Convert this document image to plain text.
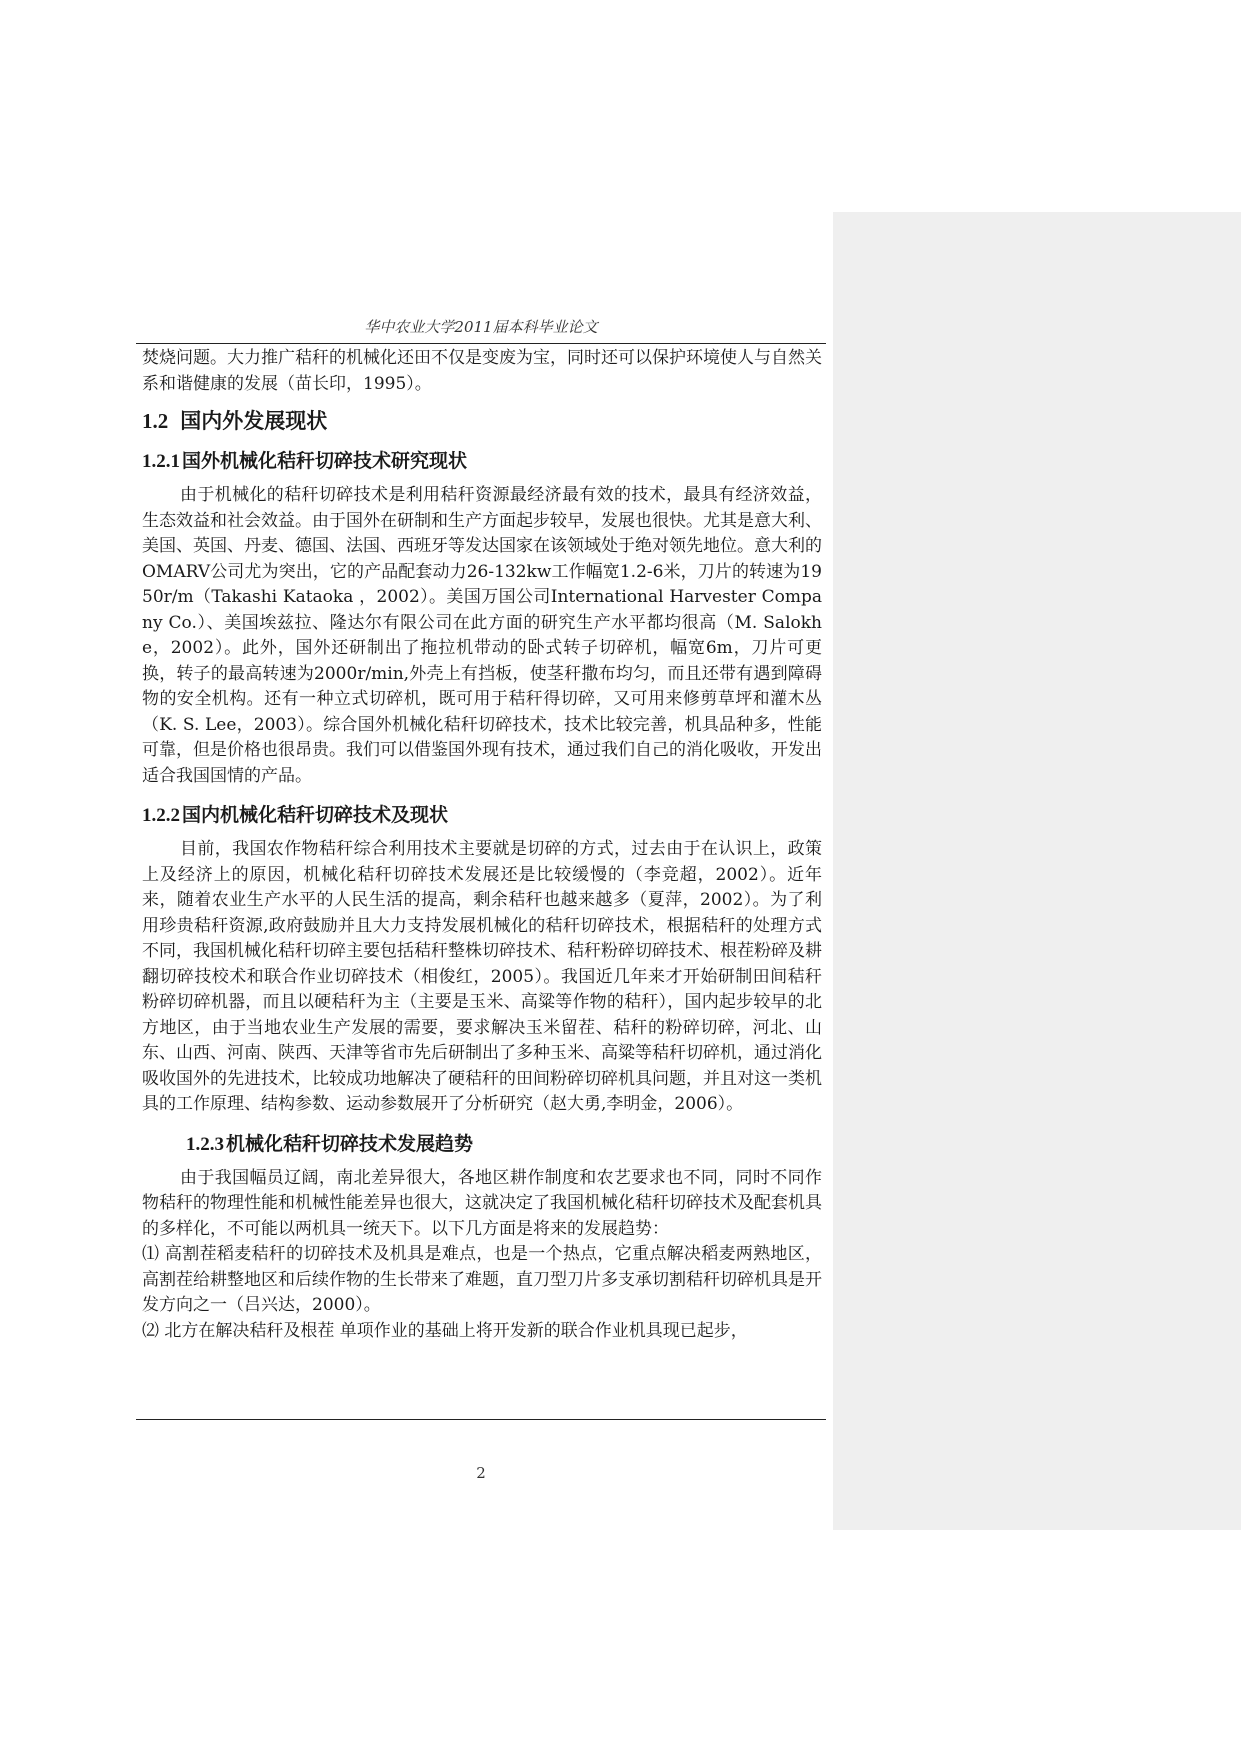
华中农业大学2011届本科毕业论文

焚烧问题。大力推广秸秆的机械化还田不仅是变废为宝，同时还可以保护环境使人与自然关系和谐健康的发展（苗长印，1995）。

1.2 国内外发展现状
1.2.1 国外机械化秸秆切碎技术研究现状

由于机械化的秸秆切碎技术是利用秸秆资源最经济最有效的技术，最具有经济效益，生态效益和社会效益。由于国外在研制和生产方面起步较早，发展也很快。尤其是意大利、美国、英国、丹麦、德国、法国、西班牙等发达国家在该领域处于绝对领先地位。意大利的OMARV公司尤为突出，它的产品配套动力26-132kw工作幅宽1.2-6米，刀片的转速为1950r/m（Takashi Kataoka ，2002）。美国万国公司International Harvester Company Co.）、美国埃兹拉、隆达尔有限公司在此方面的研究生产水平都均很高（M. Salokhe，2002）。此外，国外还研制出了拖拉机带动的卧式转子切碎机，幅宽6m，刀片可更换，转子的最高转速为2000r/min,外壳上有挡板，使茎秆撒布均匀，而且还带有遇到障碍物的安全机构。还有一种立式切碎机，既可用于秸秆得切碎，又可用来修剪草坪和灌木丛（K. S. Lee，2003）。综合国外机械化秸秆切碎技术，技术比较完善，机具品种多，性能可靠，但是价格也很昂贵。我们可以借鉴国外现有技术，通过我们自己的消化吸收，开发出适合我国国情的产品。

1.2.2 国内机械化秸秆切碎技术及现状

目前，我国农作物秸秆综合利用技术主要就是切碎的方式，过去由于在认识上，政策上及经济上的原因，机械化秸秆切碎技术发展还是比较缓慢的（李竞超，2002）。近年来，随着农业生产水平的人民生活的提高，剩余秸秆也越来越多（夏萍，2002）。为了利用珍贵秸秆资源,政府鼓励并且大力支持发展机械化的秸秆切碎技术，根据秸秆的处理方式不同，我国机械化秸秆切碎主要包括秸秆整株切碎技术、秸秆粉碎切碎技术、根茬粉碎及耕翻切碎技校术和联合作业切碎技术（相俊红，2005）。我国近几年来才开始研制田间秸秆粉碎切碎机器，而且以硬秸秆为主（主要是玉米、高粱等作物的秸秆），国内起步较早的北方地区，由于当地农业生产发展的需要，要求解决玉米留茬、秸秆的粉碎切碎，河北、山东、山西、河南、陕西、天津等省市先后研制出了多种玉米、高粱等秸秆切碎机，通过消化吸收国外的先进技术，比较成功地解决了硬秸秆的田间粉碎切碎机具问题，并且对这一类机具的工作原理、结构参数、运动参数展开了分析研究（赵大勇,李明金，2006）。

1.2.3 机械化秸秆切碎技术发展趋势

由于我国幅员辽阔，南北差异很大，各地区耕作制度和农艺要求也不同，同时不同作物秸秆的物理性能和机械性能差异也很大，这就决定了我国机械化秸秆切碎技术及配套机具的多样化，不可能以两机具一统天下。以下几方面是将来的发展趋势：

⑴ 高割茬稻麦秸秆的切碎技术及机具是难点，也是一个热点，它重点解决稻麦两熟地区，高割茬给耕整地区和后续作物的生长带来了难题，直刀型刀片多支承切割秸秆切碎机具是开发方向之一（吕兴达，2000）。

⑵ 北方在解决秸秆及根茬 单项作业的基础上将开发新的联合作业机具现已起步，

2
